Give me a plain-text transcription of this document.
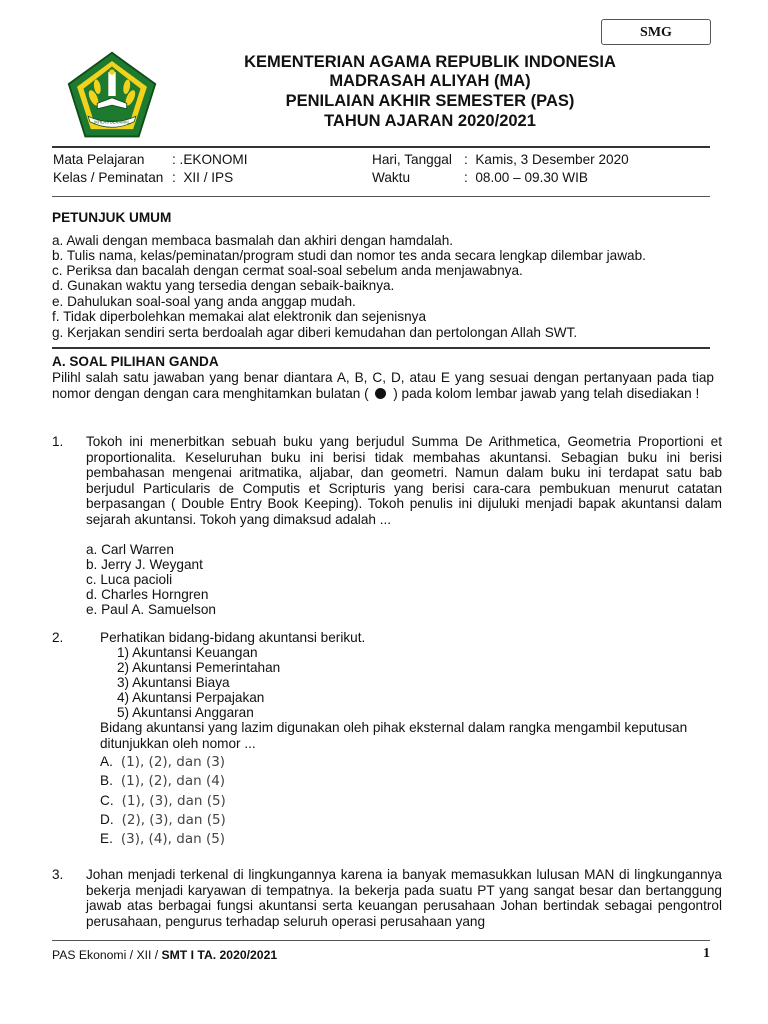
SMG
IKHLAS BERAMAL
KEMENTERIAN AGAMA REPUBLIK INDONESIA
MADRASAH ALIYAH (MA)
PENILAIAN AKHIR SEMESTER (PAS)
TAHUN AJARAN 2020/2021
Mata Pelajaran : .EKONOMI
Kelas / Peminatan :  XII / IPS
Hari, Tanggal :  Kamis, 3 Desember 2020
Waktu	:  08.00 – 09.30 WIB
PETUNJUK UMUM
a. Awali dengan membaca basmalah dan akhiri dengan hamdalah.
b. Tulis nama, kelas/peminatan/program studi dan nomor tes anda secara lengkap dilembar jawab.
c. Periksa dan bacalah dengan cermat soal-soal sebelum anda menjawabnya.
d. Gunakan waktu yang tersedia dengan sebaik-baiknya.
e. Dahulukan soal-soal yang anda anggap mudah.
f. Tidak diperbolehkan memakai alat elektronik dan sejenisnya
g. Kerjakan sendiri serta berdoalah agar diberi kemudahan dan pertolongan Allah SWT.
A. SOAL PILIHAN GANDA
Pilihl salah satu jawaban yang benar diantara A, B, C, D, atau E yang sesuai dengan pertanyaan pada tiap nomor dengan dengan cara menghitamkan bulatan ( ) pada kolom lembar jawab yang telah disediakan !
1. Tokoh ini menerbitkan sebuah buku yang berjudul Summa De Arithmetica, Geometria Proportioni et proportionalita. Keseluruhan buku ini berisi tidak membahas akuntansi. Sebagian buku ini berisi pembahasan mengenai aritmatika, aljabar, dan geometri. Namun dalam buku ini terdapat satu bab berjudul Particularis de Computis et Scripturis yang berisi cara-cara pembukuan menurut catatan berpasangan ( Double Entry Book Keeping). Tokoh penulis ini dijuluki menjadi bapak akuntansi dalam sejarah akuntansi. Tokoh yang dimaksud adalah ...
a. Carl Warren
b. Jerry J. Weygant
c. Luca pacioli
d. Charles Horngren
e. Paul A. Samuelson
2.	Perhatikan bidang-bidang akuntansi berikut.
1) Akuntansi Keuangan
2) Akuntansi Pemerintahan
3) Akuntansi Biaya
4) Akuntansi Perpajakan
5) Akuntansi Anggaran
Bidang akuntansi yang lazim digunakan oleh pihak eksternal dalam rangka mengambil keputusan ditunjukkan oleh nomor ...
A. (1), (2), dan (3)
B. (1), (2), dan (4)
C. (1), (3), dan (5)
D. (2), (3), dan (5)
E. (3), (4), dan (5)
3. Johan menjadi terkenal di lingkungannya karena ia banyak memasukkan lulusan MAN di lingkungannya bekerja menjadi karyawan di tempatnya. Ia bekerja pada suatu PT yang sangat besar dan bertanggung jawab atas berbagai fungsi akuntansi serta keuangan perusahaan Johan bertindak sebagai pengontrol perusahaan, pengurus terhadap seluruh operasi perusahaan yang
PAS Ekonomi / XII / SMT I TA. 2020/2021	1
